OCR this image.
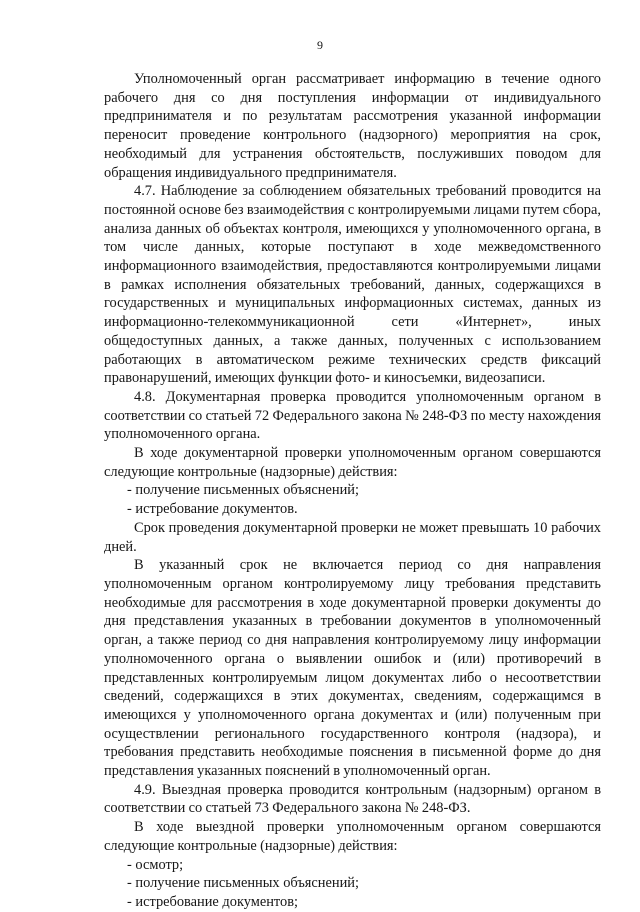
9

Уполномоченный орган рассматривает информацию в течение одного рабочего дня со дня поступления информации от индивидуального предпринимателя и по результатам рассмотрения указанной информации переносит проведение контрольного (надзорного) мероприятия на срок, необходимый для устранения обстоятельств, послуживших поводом для обращения индивидуального предпринимателя.

4.7. Наблюдение за соблюдением обязательных требований проводится на постоянной основе без взаимодействия с контролируемыми лицами путем сбора, анализа данных об объектах контроля, имеющихся у уполномоченного органа, в том числе данных, которые поступают в ходе межведомственного информационного взаимодействия, предоставляются контролируемыми лицами в рамках исполнения обязательных требований, данных, содержащихся в государственных и муниципальных информационных системах, данных из информационно-телекоммуникационной сети «Интернет», иных общедоступных данных, а также данных, полученных с использованием работающих в автоматическом режиме технических средств фиксаций правонарушений, имеющих функции фото- и киносъемки, видеозаписи.

4.8. Документарная проверка проводится уполномоченным органом в соответствии со статьей 72 Федерального закона № 248-ФЗ по месту нахождения уполномоченного органа.

В ходе документарной проверки уполномоченным органом совершаются следующие контрольные (надзорные) действия:

- получение письменных объяснений;

- истребование документов.

Срок проведения документарной проверки не может превышать 10 рабочих дней.

В указанный срок не включается период со дня направления уполномоченным органом контролируемому лицу требования представить необходимые для рассмотрения в ходе документарной проверки документы до дня представления указанных в требовании документов в уполномоченный орган, а также период со дня направления контролируемому лицу информации уполномоченного органа о выявлении ошибок и (или) противоречий в представленных контролируемым лицом документах либо о несоответствии сведений, содержащихся в этих документах, сведениям, содержащимся в имеющихся у уполномоченного органа документах и (или) полученным при осуществлении регионального государственного контроля (надзора), и требования представить необходимые пояснения в письменной форме до дня представления указанных пояснений в уполномоченный орган.

4.9. Выездная проверка проводится контрольным (надзорным) органом в соответствии со статьей 73 Федерального закона № 248-ФЗ.

В ходе выездной проверки уполномоченным органом совершаются следующие контрольные (надзорные) действия:

- осмотр;

- получение письменных объяснений;

- истребование документов;
